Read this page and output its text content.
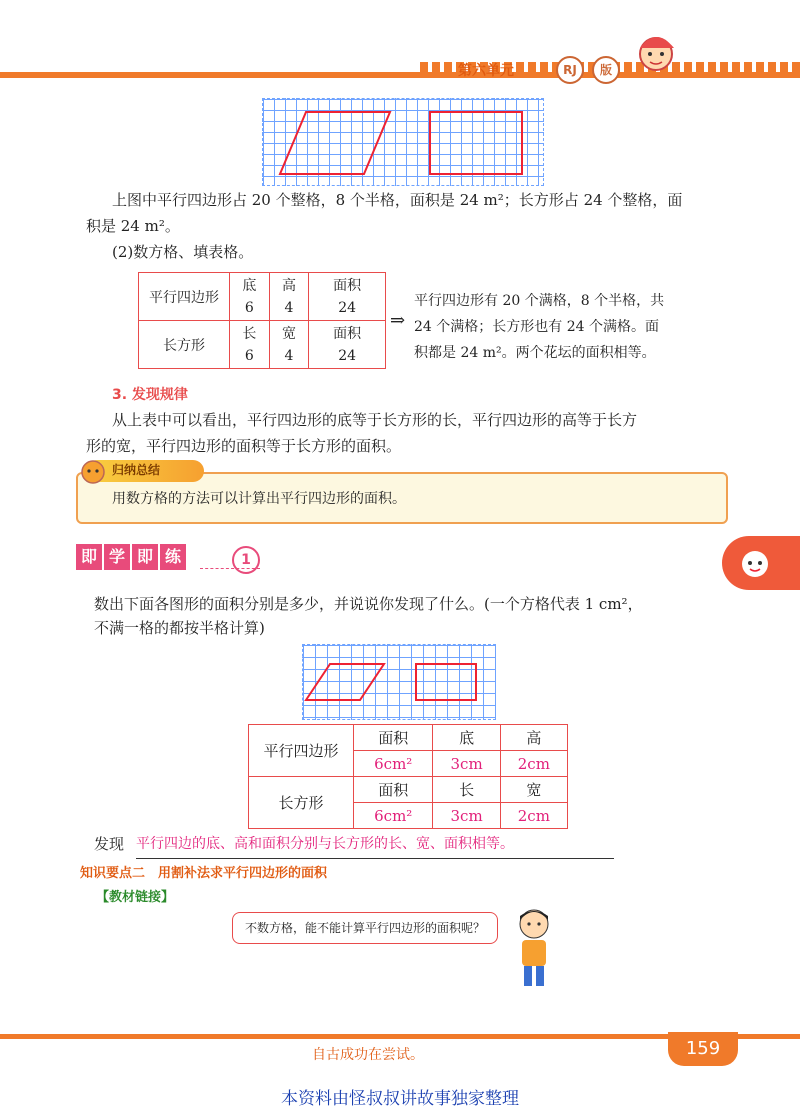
第六单元	RJ	版
上图中平行四边形占 20 个整格，8 个半格，面积是 24 m²；长方形占 24 个整格，面
积是 24 m²。
(2)数方格、填表格。
平行四边形	底	高	面积
	6	4	24
长方形	长	宽	面积
	6	4	24
⇒
平行四边形有 20 个满格，8 个半格，共
24 个满格；长方形也有 24 个满格。面
积都是 24 m²。两个花坛的面积相等。
3. 发现规律
从上表中可以看出，平行四边形的底等于长方形的长，平行四边形的高等于长方
形的宽，平行四边形的面积等于长方形的面积。
归纳总结
用数方格的方法可以计算出平行四边形的面积。
即 学 即 练	1
数出下面各图形的面积分别是多少，并说说你发现了什么。(一个方格代表 1 cm²，
不满一格的都按半格计算)
平行四边形	面积	底	高
	6cm²	3cm	2cm
长方形	面积	长	宽
	6cm²	3cm	2cm
发现 平行四边的底、高和面积分别与长方形的长、宽、面积相等。
知识要点二　用割补法求平行四边形的面积
【教材链接】
不数方格，能不能计算平行四边形的面积呢？
自古成功在尝试。	159
本资料由怪叔叔讲故事独家整理
